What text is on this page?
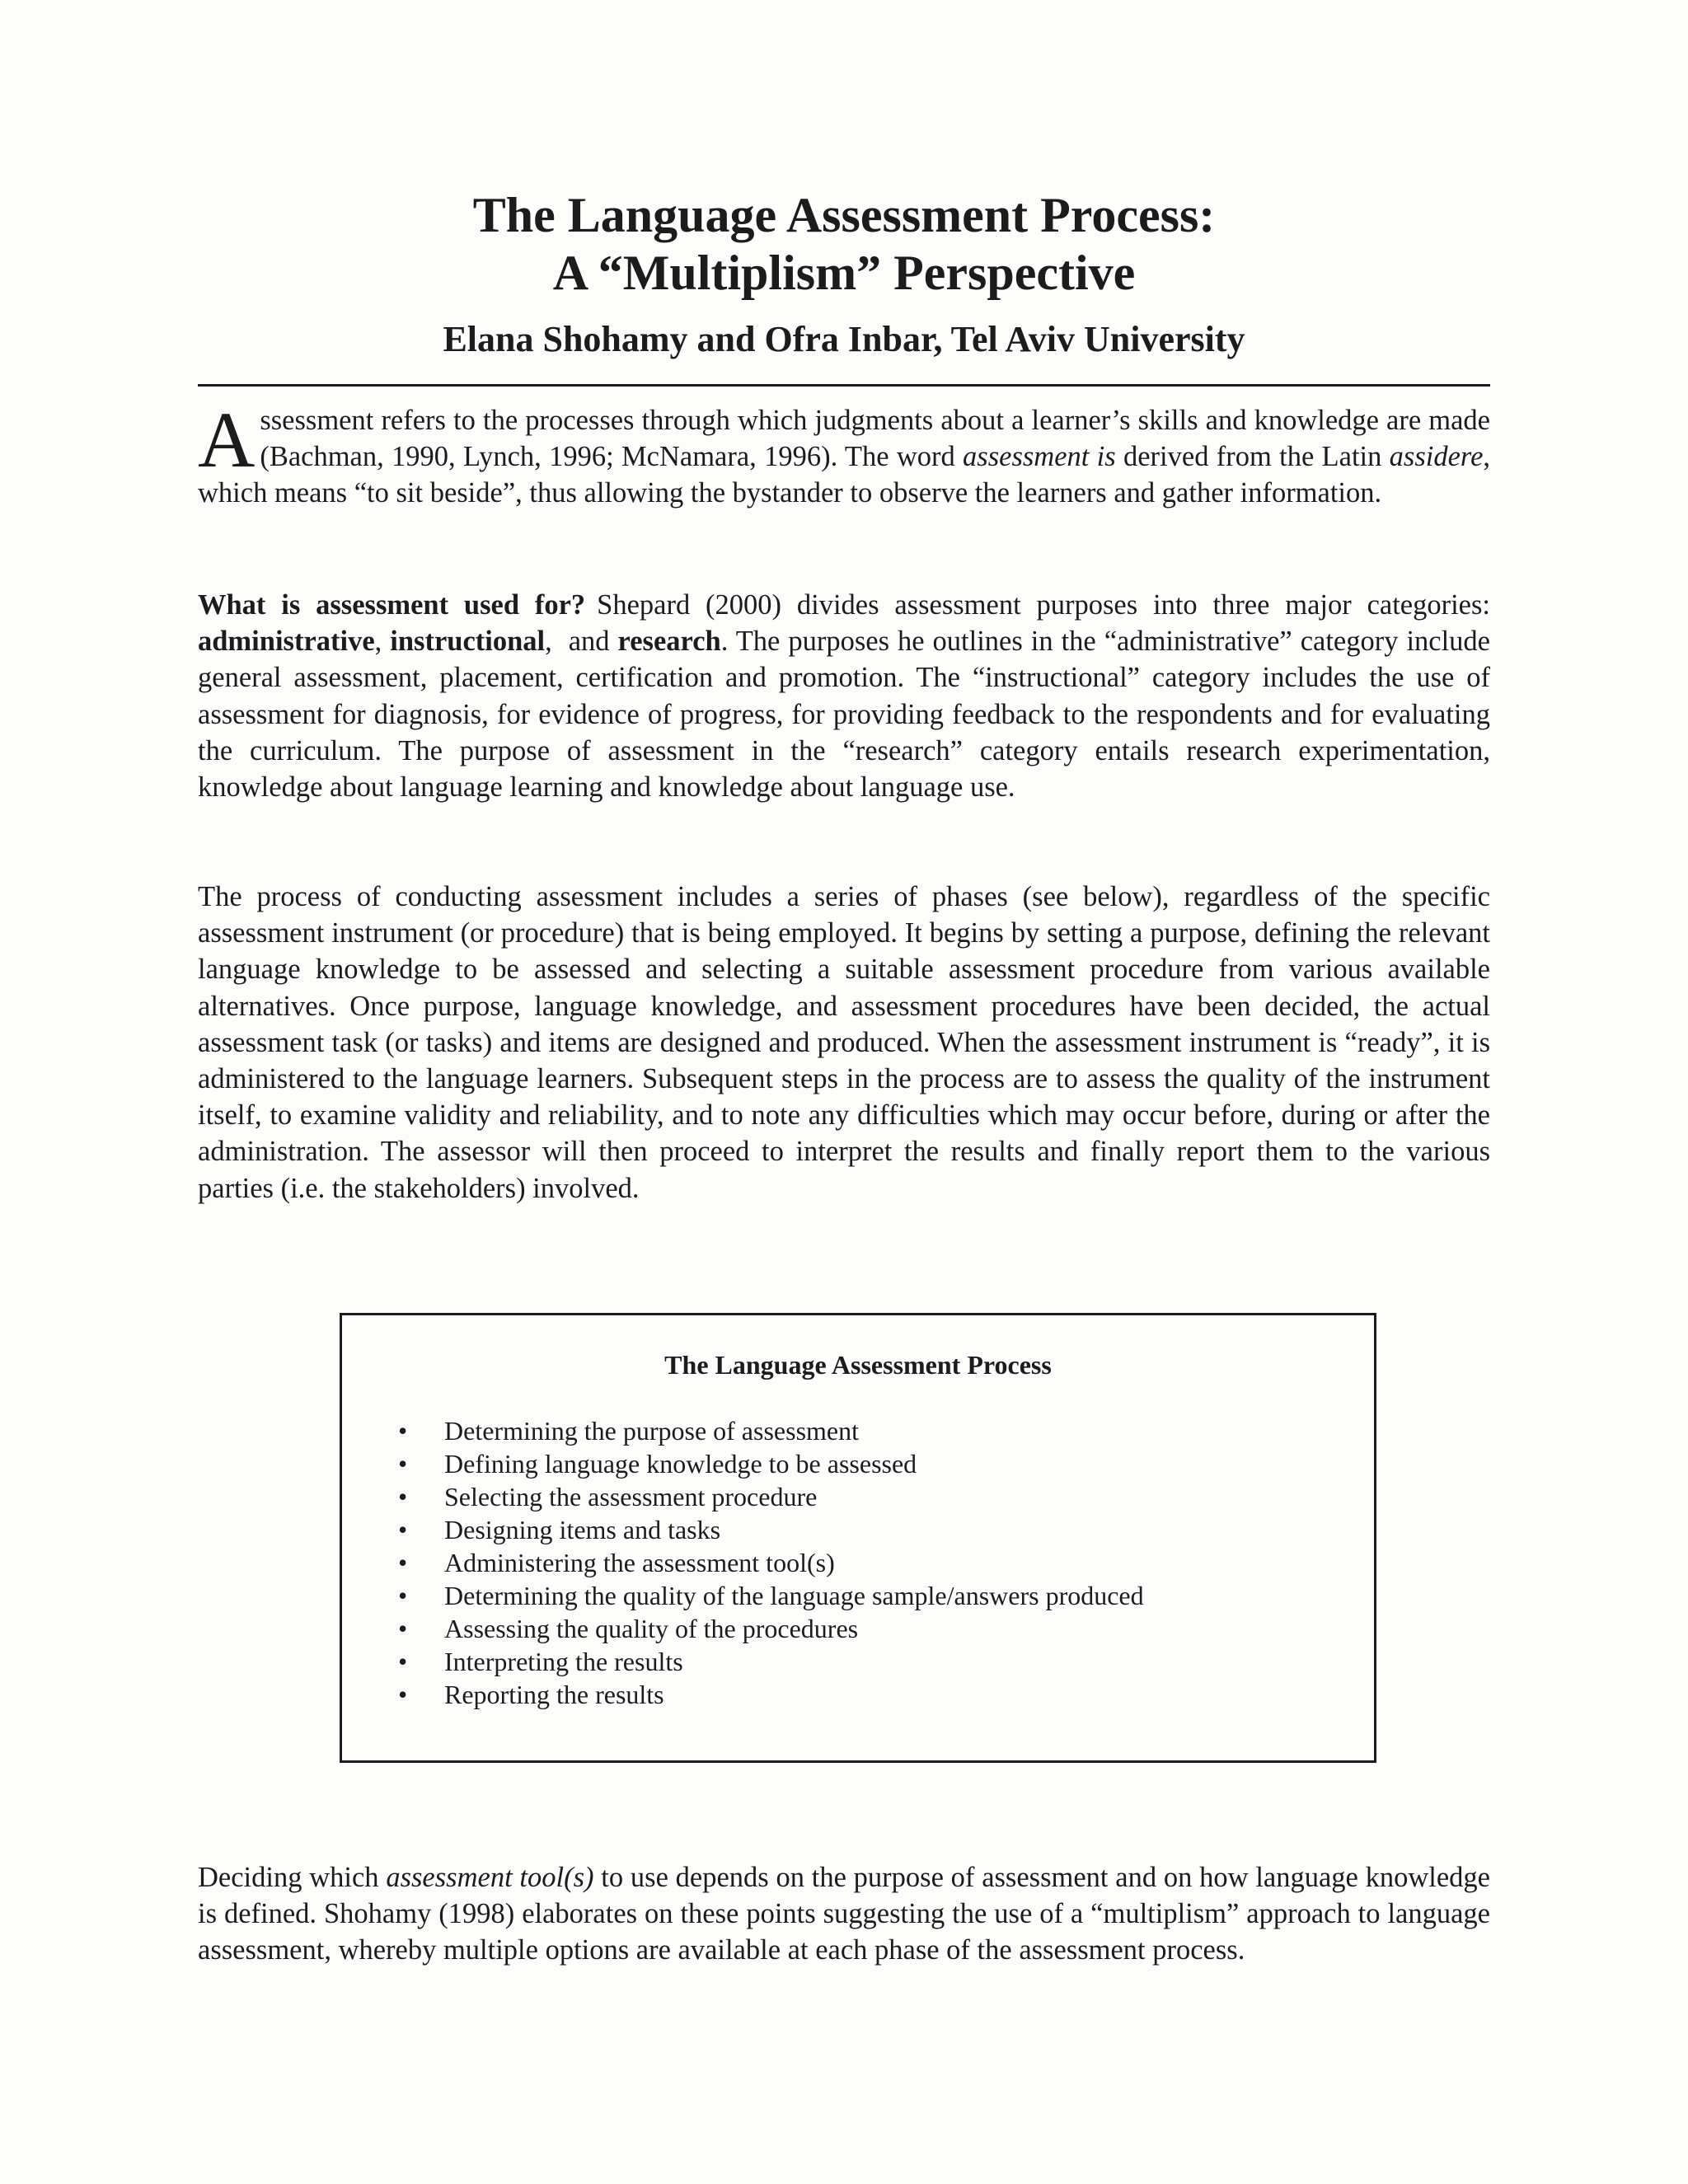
The Language Assessment Process:
A “Multiplism” Perspective
Elana Shohamy and Ofra Inbar, Tel Aviv University

Assessment refers to the processes through which judgments about a learner’s skills and knowledge are made (Bachman, 1990, Lynch, 1996; McNamara, 1996). The word assessment is derived from the Latin assidere, which means “to sit beside”, thus allowing the bystander to observe the learners and gather information.

What is assessment used for? Shepard (2000) divides assessment purposes into three major categories: administrative, instructional,  and research. The purposes he outlines in the “administrative” category include general assessment, placement, certification and promotion. The “instructional” category includes the use of assessment for diagnosis, for evidence of progress, for providing feedback to the respondents and for evaluating the curriculum. The purpose of assessment in the “research” category entails research experimentation, knowledge about language learning and knowledge about language use.

The process of conducting assessment includes a series of phases (see below), regardless of the specific assessment instrument (or procedure) that is being employed. It begins by setting a purpose, defining the relevant language knowledge to be assessed and selecting a suitable assessment procedure from various available alternatives. Once purpose, language knowledge, and assessment procedures have been decided, the actual assessment task (or tasks) and items are designed and produced. When the assessment instrument is “ready”, it is administered to the language learners. Subsequent steps in the process are to assess the quality of the instrument itself, to examine validity and reliability, and to note any difficulties which may occur before, during or after the administration. The assessor will then proceed to interpret the results and finally report them to the various parties (i.e. the stakeholders) involved.

The Language Assessment Process
• Determining the purpose of assessment
• Defining language knowledge to be assessed
• Selecting the assessment procedure
• Designing items and tasks
• Administering the assessment tool(s)
• Determining the quality of the language sample/answers produced
• Assessing the quality of the procedures
• Interpreting the results
• Reporting the results

Deciding which assessment tool(s) to use depends on the purpose of assessment and on how language knowledge is defined. Shohamy (1998) elaborates on these points suggesting the use of a “multiplism” approach to language assessment, whereby multiple options are available at each phase of the assessment process.
